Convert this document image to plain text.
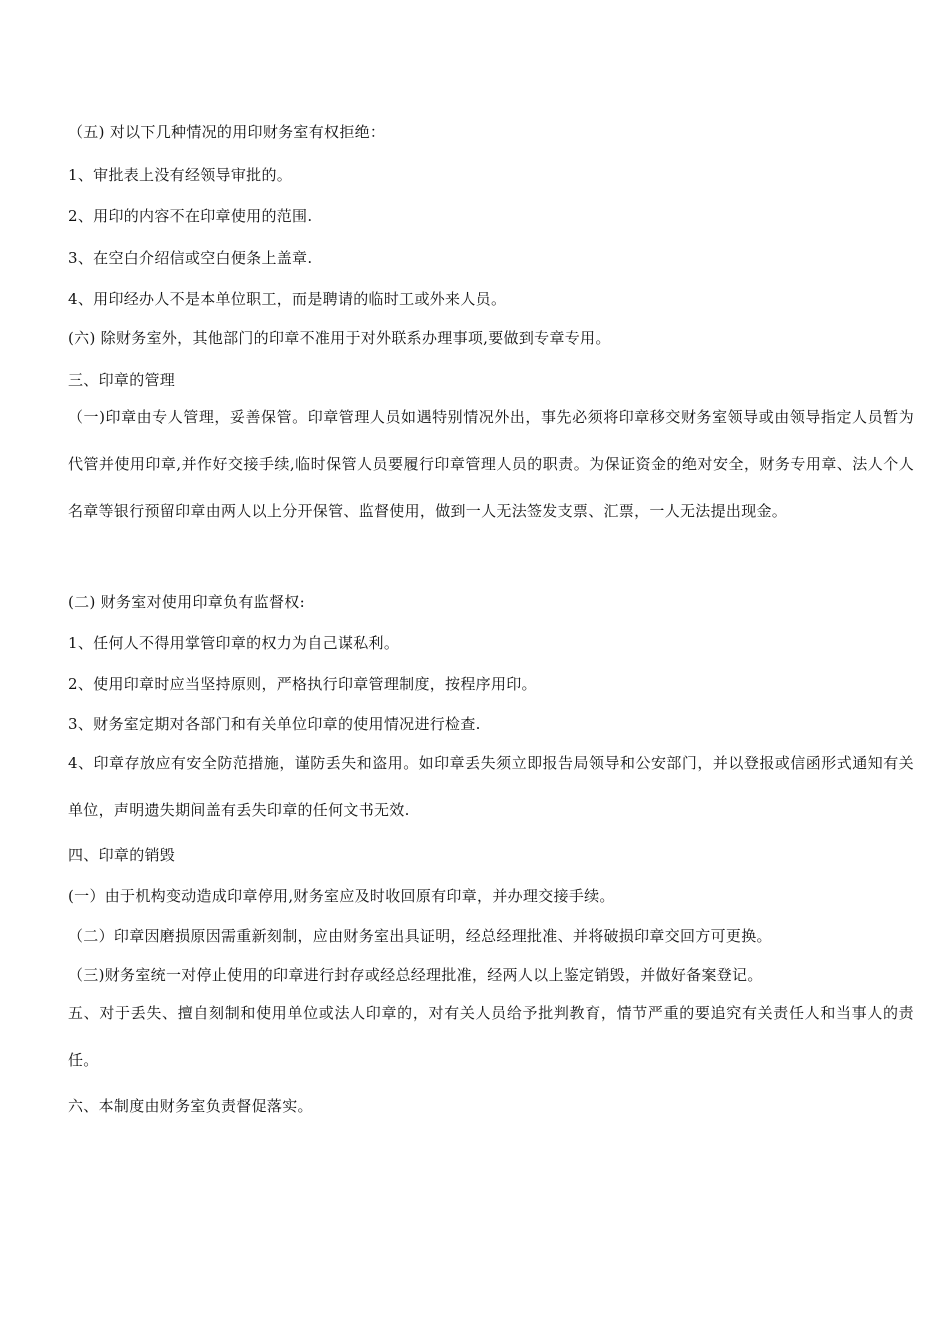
（五) 对以下几种情况的用印财务室有权拒绝：
1、审批表上没有经领导审批的。
2、用印的内容不在印章使用的范围.
3、在空白介绍信或空白便条上盖章.
4、用印经办人不是本单位职工，而是聘请的临时工或外来人员。
(六) 除财务室外，其他部门的印章不准用于对外联系办理事项,要做到专章专用。
三、印章的管理
（一)印章由专人管理，妥善保管。印章管理人员如遇特别情况外出，事先必须将印章移交财务室领导或由领导指定人员暂为代管并使用印章,并作好交接手续,临时保管人员要履行印章管理人员的职责。为保证资金的绝对安全，财务专用章、法人个人名章等银行预留印章由两人以上分开保管、监督使用，做到一人无法签发支票、汇票，一人无法提出现金。
(二) 财务室对使用印章负有监督权:
1、任何人不得用掌管印章的权力为自己谋私利。
2、使用印章时应当坚持原则，严格执行印章管理制度，按程序用印。
3、财务室定期对各部门和有关单位印章的使用情况进行检查.
4、印章存放应有安全防范措施，谨防丢失和盗用。如印章丢失须立即报告局领导和公安部门，并以登报或信函形式通知有关单位，声明遗失期间盖有丢失印章的任何文书无效.
四、印章的销毁
(一）由于机构变动造成印章停用,财务室应及时收回原有印章，并办理交接手续。
（二）印章因磨损原因需重新刻制，应由财务室出具证明，经总经理批准、并将破损印章交回方可更换。
（三)财务室统一对停止使用的印章进行封存或经总经理批准，经两人以上鉴定销毁，并做好备案登记。
五、对于丢失、擅自刻制和使用单位或法人印章的，对有关人员给予批判教育，情节严重的要追究有关责任人和当事人的责任。
六、本制度由财务室负责督促落实。
